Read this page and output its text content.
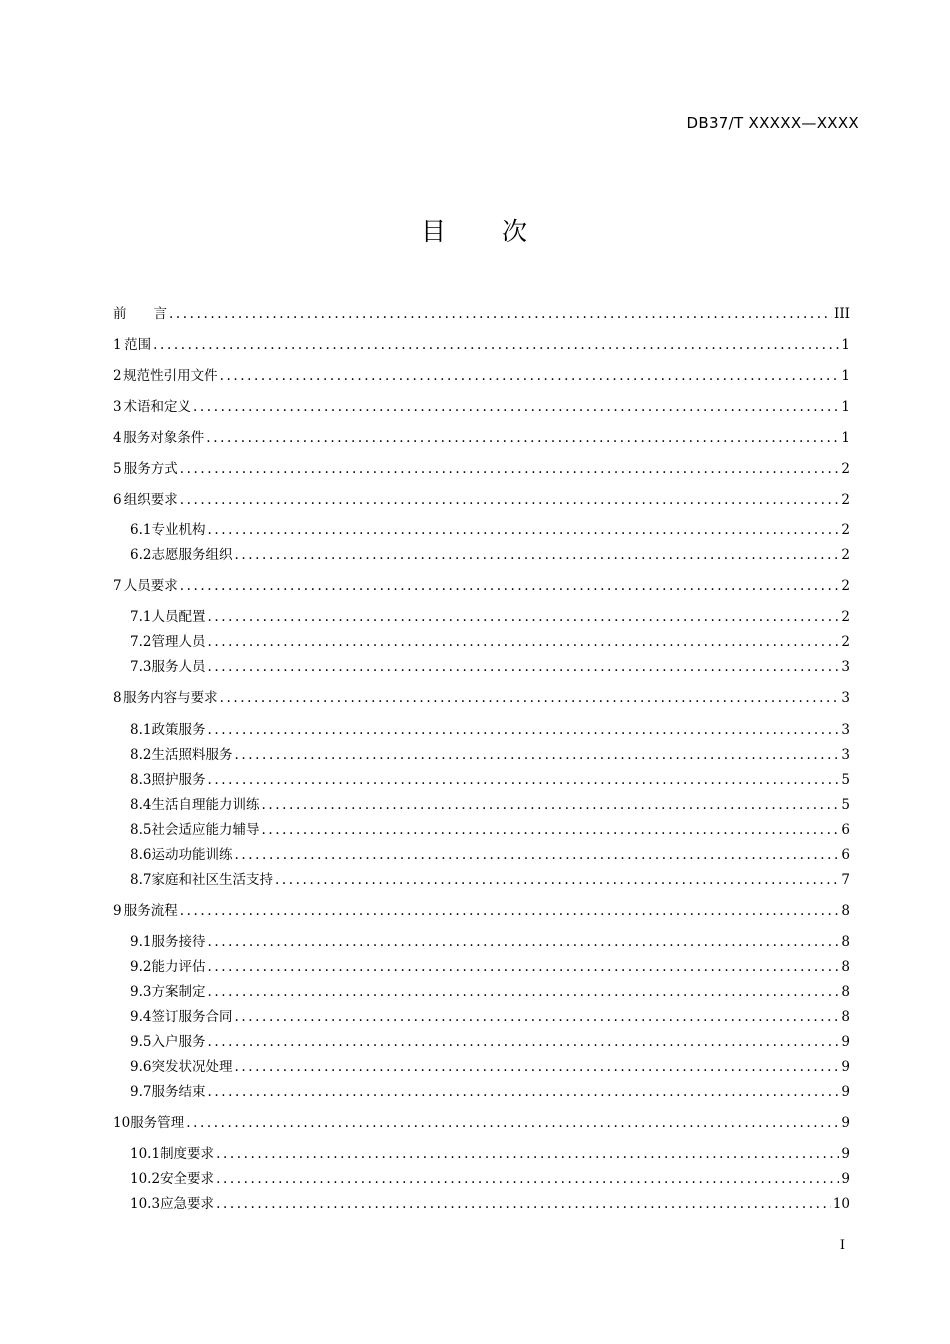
DB37/T XXXXX—XXXX
目 次
前　　言 .....	III
1 范围 .....	1
2 规范性引用文件 .....	1
3 术语和定义 .....	1
4 服务对象条件 .....	1
5 服务方式 .....	2
6 组织要求 .....	2
6.1 专业机构 .....	2
6.2 志愿服务组织 .....	2
7 人员要求 .....	2
7.1 人员配置 .....	2
7.2 管理人员 .....	2
7.3 服务人员 .....	3
8 服务内容与要求 .....	3
8.1 政策服务 .....	3
8.2 生活照料服务 .....	3
8.3 照护服务 .....	5
8.4 生活自理能力训练 .....	5
8.5 社会适应能力辅导 .....	6
8.6 运动功能训练 .....	6
8.7 家庭和社区生活支持 .....	7
9 服务流程 .....	8
9.1 服务接待 .....	8
9.2 能力评估 .....	8
9.3 方案制定 .....	8
9.4 签订服务合同 .....	8
9.5 入户服务 .....	9
9.6 突发状况处理 .....	9
9.7 服务结束 .....	9
10 服务管理 .....	9
10.1 制度要求 .....	9
10.2 安全要求 .....	9
10.3 应急要求 .....	10
I
